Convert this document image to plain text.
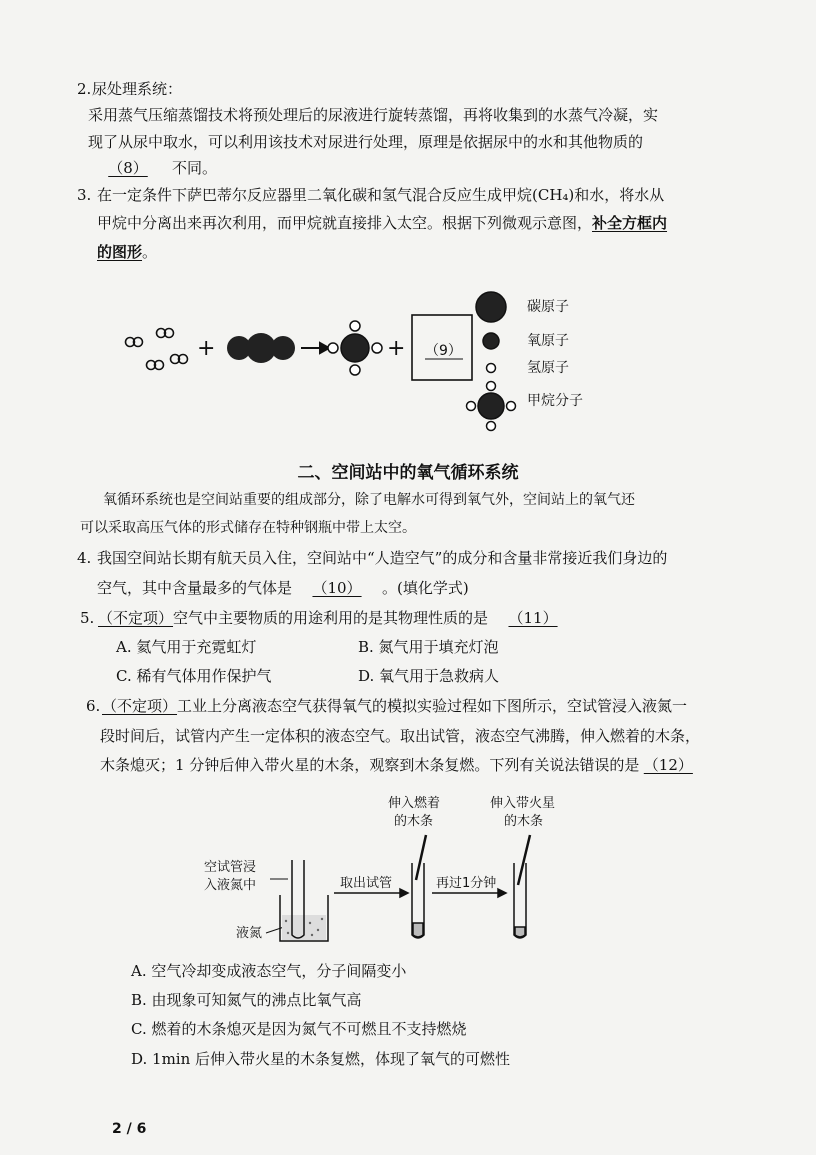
2. 尿处理系统：
采用蒸气压缩蒸馏技术将预处理后的尿液进行旋转蒸馏，再将收集到的水蒸气冷凝，实
现了从尿中取水，可以利用该技术对尿进行处理，原理是依据尿中的水和其他物质的
（8）	不同。
3. 在一定条件下萨巴蒂尔反应器里二氧化碳和氢气混合反应生成甲烷(CH₄)和水，将水从
甲烷中分离出来再次利用，而甲烷就直接排入太空。根据下列微观示意图，补全方框内
的图形。
+	+ （9）
碳原子
氧原子
氢原子
甲烷分子
二、空间站中的氧气循环系统
氧循环系统也是空间站重要的组成部分，除了电解水可得到氧气外，空间站上的氧气还
可以采取高压气体的形式储存在特种钢瓶中带上太空。
4. 我国空间站长期有航天员入住，空间站中“人造空气”的成分和含量非常接近我们身边的
空气，其中含量最多的气体是 （10） 。(填化学式)
5. （不定项）空气中主要物质的用途利用的是其物理性质的是 （11）
A. 氦气用于充霓虹灯	B. 氮气用于填充灯泡
C. 稀有气体用作保护气	D. 氧气用于急救病人
6. （不定项）工业上分离液态空气获得氧气的模拟实验过程如下图所示，空试管浸入液氮一
段时间后，试管内产生一定体积的液态空气。取出试管，液态空气沸腾，伸入燃着的木条，
木条熄灭；1 分钟后伸入带火星的木条，观察到木条复燃。下列有关说法错误的是 （12）
伸入燃着
的木条
伸入带火星
的木条
空试管浸
入液氮中
液氮
取出试管	再过1分钟
A. 空气冷却变成液态空气，分子间隔变小
B. 由现象可知氮气的沸点比氧气高
C. 燃着的木条熄灭是因为氮气不可燃且不支持燃烧
D. 1min 后伸入带火星的木条复燃，体现了氧气的可燃性
2 / 6
